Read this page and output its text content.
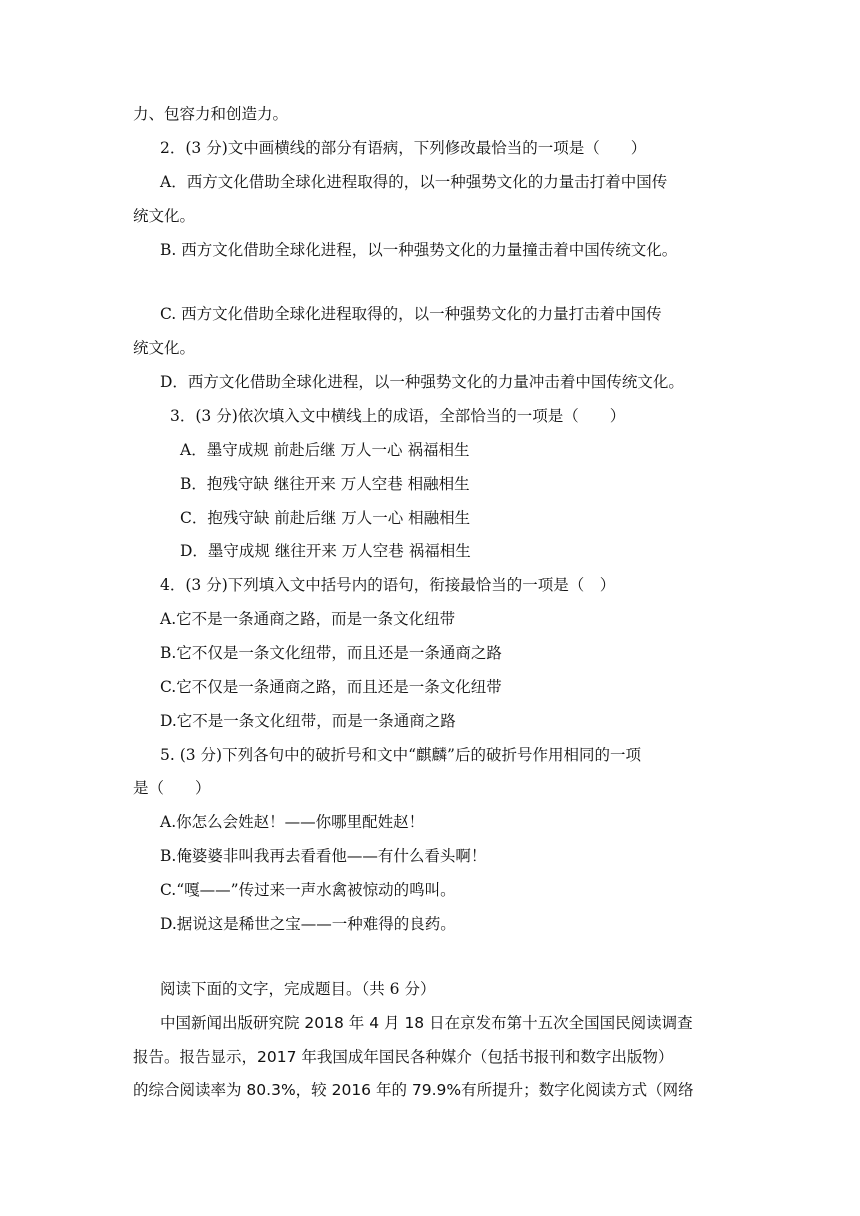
力、包容力和创造力。
2．(3 分)文中画横线的部分有语病，下列修改最恰当的一项是（　　）
A．西方文化借助全球化进程取得的，以一种强势文化的力量击打着中国传
统文化。
B. 西方文化借助全球化进程，以一种强势文化的力量撞击着中国传统文化。
C. 西方文化借助全球化进程取得的，以一种强势文化的力量打击着中国传
统文化。
D．西方文化借助全球化进程，以一种强势文化的力量冲击着中国传统文化。
3．(3 分)依次填入文中横线上的成语，全部恰当的一项是（　　）
A．墨守成规 前赴后继 万人一心 祸福相生
B．抱残守缺 继往开来 万人空巷 相融相生
C．抱残守缺 前赴后继 万人一心 相融相生
D．墨守成规 继往开来 万人空巷 祸福相生
4．(3 分)下列填入文中括号内的语句，衔接最恰当的一项是（　）
A.它不是一条通商之路，而是一条文化纽带
B.它不仅是一条文化纽带，而且还是一条通商之路
C.它不仅是一条通商之路，而且还是一条文化纽带
D.它不是一条文化纽带，而是一条通商之路
5. (3 分)下列各句中的破折号和文中“麒麟”后的破折号作用相同的一项
是（　　）
A.你怎么会姓赵！——你哪里配姓赵！
B.俺婆婆非叫我再去看看他——有什么看头啊！
C.“嘎——”传过来一声水禽被惊动的鸣叫。
D.据说这是稀世之宝——一种难得的良药。
阅读下面的文字，完成题目。（共 6 分）
中国新闻出版研究院 2018 年 4 月 18 日在京发布第十五次全国国民阅读调查
报告。报告显示，2017 年我国成年国民各种媒介（包括书报刊和数字出版物）
的综合阅读率为 80.3%，较 2016 年的 79.9%有所提升；数字化阅读方式（网络
